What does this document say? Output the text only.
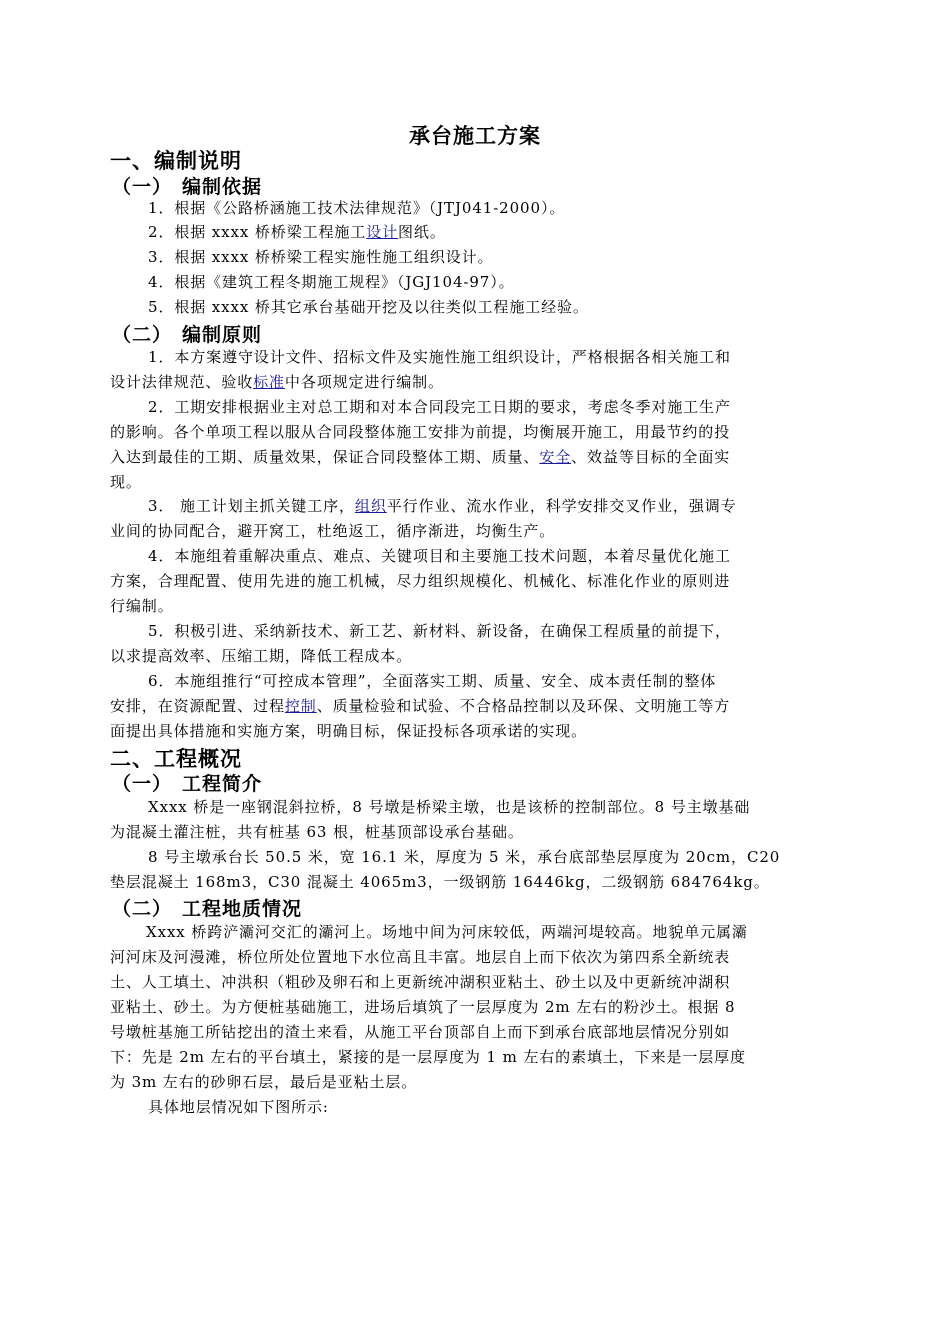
承台施工方案
一、编制说明
（一） 编制依据
1．根据《公路桥涵施工技术法律规范》（JTJ041-2000）。
2．根据 xxxx 桥桥梁工程施工设计图纸。
3．根据 xxxx 桥桥梁工程实施性施工组织设计。
4．根据《建筑工程冬期施工规程》（JGJ104-97）。
5．根据 xxxx 桥其它承台基础开挖及以往类似工程施工经验。
（二） 编制原则
1．本方案遵守设计文件、招标文件及实施性施工组织设计，严格根据各相关施工和
设计法律规范、验收标准中各项规定进行编制。
2．工期安排根据业主对总工期和对本合同段完工日期的要求，考虑冬季对施工生产
的影响。各个单项工程以服从合同段整体施工安排为前提，均衡展开施工，用最节约的投
入达到最佳的工期、质量效果，保证合同段整体工期、质量、安全、效益等目标的全面实
现。
3． 施工计划主抓关键工序，组织平行作业、流水作业，科学安排交叉作业，强调专
业间的协同配合，避开窝工，杜绝返工，循序渐进，均衡生产。
4．本施组着重解决重点、难点、关键项目和主要施工技术问题，本着尽量优化施工
方案，合理配置、使用先进的施工机械，尽力组织规模化、机械化、标准化作业的原则进
行编制。
5．积极引进、采纳新技术、新工艺、新材料、新设备，在确保工程质量的前提下，
以求提高效率、压缩工期，降低工程成本。
6．本施组推行“可控成本管理”，全面落实工期、质量、安全、成本责任制的整体
安排，在资源配置、过程控制、质量检验和试验、不合格品控制以及环保、文明施工等方
面提出具体措施和实施方案，明确目标，保证投标各项承诺的实现。
二、工程概况
（一） 工程简介
Xxxx 桥是一座钢混斜拉桥，8 号墩是桥梁主墩，也是该桥的控制部位。8 号主墩基础
为混凝土灌注桩，共有桩基 63 根，桩基顶部设承台基础。
8 号主墩承台长 50.5 米，宽 16.1 米，厚度为 5 米，承台底部垫层厚度为 20cm，C20
垫层混凝土 168m3，C30 混凝土 4065m3，一级钢筋 16446kg，二级钢筋 684764kg。
（二） 工程地质情况
Xxxx 桥跨浐灞河交汇的灞河上。场地中间为河床较低，两端河堤较高。地貌单元属灞
河河床及河漫滩，桥位所处位置地下水位高且丰富。地层自上而下依次为第四系全新统表
土、人工填土、冲洪积（粗砂及卵石和上更新统冲湖积亚粘土、砂土以及中更新统冲湖积
亚粘土、砂土。为方便桩基础施工，进场后填筑了一层厚度为 2m 左右的粉沙土。根据 8
号墩桩基施工所钻挖出的渣土来看，从施工平台顶部自上而下到承台底部地层情况分别如
下：先是 2m 左右的平台填土，紧接的是一层厚度为 1 m 左右的素填土，下来是一层厚度
为 3m 左右的砂卵石层，最后是亚粘土层。
具体地层情况如下图所示:
